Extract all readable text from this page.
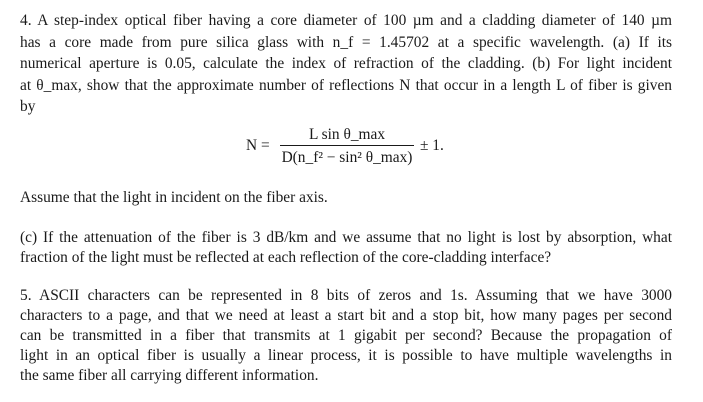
4. A step-index optical fiber having a core diameter of 100 µm and a cladding diameter of 140 µm
has a core made from pure silica glass with n_f = 1.45702 at a specific wavelength. (a) If its
numerical aperture is 0.05, calculate the index of refraction of the cladding. (b) For light incident
at θ_max, show that the approximate number of reflections N that occur in a length L of fiber is given
by

N =
L sin θ_max
D(n_f² − sin² θ_max)
± 1.

Assume that the light in incident on the fiber axis.

(c) If the attenuation of the fiber is 3 dB/km and we assume that no light is lost by absorption, what
fraction of the light must be reflected at each reflection of the core-cladding interface?

5. ASCII characters can be represented in 8 bits of zeros and 1s. Assuming that we have 3000
characters to a page, and that we need at least a start bit and a stop bit, how many pages per second
can be transmitted in a fiber that transmits at 1 gigabit per second? Because the propagation of
light in an optical fiber is usually a linear process, it is possible to have multiple wavelengths in
the same fiber all carrying different information.
